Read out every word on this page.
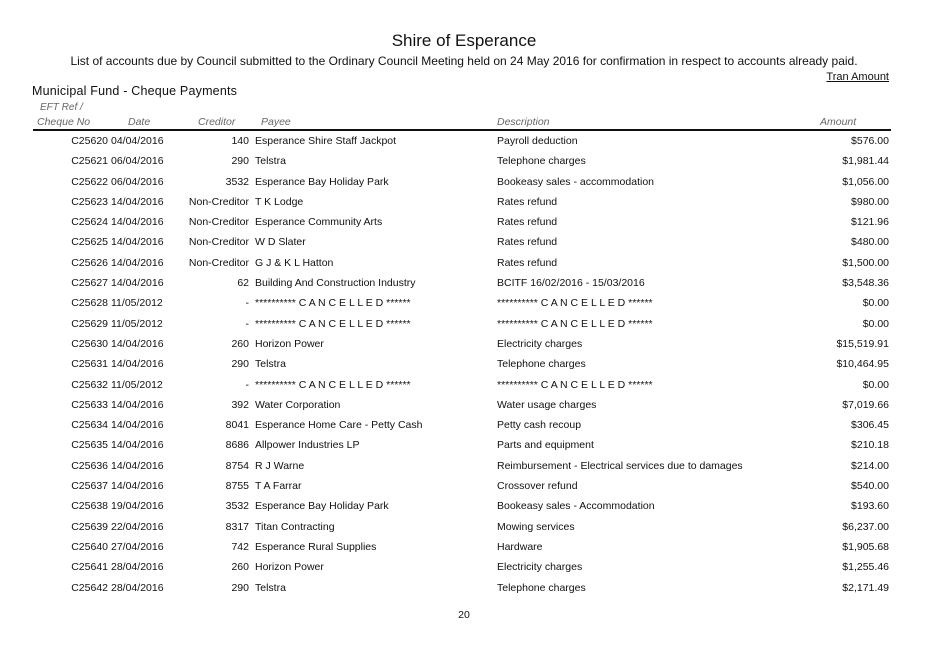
Shire of Esperance
List of accounts due by Council submitted to the Ordinary Council Meeting held on 24 May 2016 for confirmation in respect to accounts already paid.
Tran Amount
Municipal Fund - Cheque Payments
EFT Ref /
Cheque No	Date	Creditor Payee	Description	Amount
C25620 04/04/2016	140 Esperance Shire Staff Jackpot	Payroll deduction	$576.00
C25621 06/04/2016	290 Telstra	Telephone charges	$1,981.44
C25622 06/04/2016	3532 Esperance Bay Holiday Park	Bookeasy sales - accommodation	$1,056.00
C25623 14/04/2016	Non-Creditor T K Lodge	Rates refund	$980.00
C25624 14/04/2016	Non-Creditor Esperance Community Arts	Rates refund	$121.96
C25625 14/04/2016	Non-Creditor W D Slater	Rates refund	$480.00
C25626 14/04/2016	Non-Creditor G J & K L Hatton	Rates refund	$1,500.00
C25627 14/04/2016	62 Building And Construction Industry	BCITF 16/02/2016 - 15/03/2016	$3,548.36
C25628 11/05/2012	- ********** C A N C E L L E D ******	********** C A N C E L L E D ******	$0.00
C25629 11/05/2012	- ********** C A N C E L L E D ******	********** C A N C E L L E D ******	$0.00
C25630 14/04/2016	260 Horizon Power	Electricity charges	$15,519.91
C25631 14/04/2016	290 Telstra	Telephone charges	$10,464.95
C25632 11/05/2012	- ********** C A N C E L L E D ******	********** C A N C E L L E D ******	$0.00
C25633 14/04/2016	392 Water Corporation	Water usage charges	$7,019.66
C25634 14/04/2016	8041 Esperance Home Care - Petty Cash	Petty cash recoup	$306.45
C25635 14/04/2016	8686 Allpower Industries LP	Parts and equipment	$210.18
C25636 14/04/2016	8754 R J Warne	Reimbursement - Electrical services due to damages	$214.00
C25637 14/04/2016	8755 T A Farrar	Crossover refund	$540.00
C25638 19/04/2016	3532 Esperance Bay Holiday Park	Bookeasy sales - Accommodation	$193.60
C25639 22/04/2016	8317 Titan Contracting	Mowing services	$6,237.00
C25640 27/04/2016	742 Esperance Rural Supplies	Hardware	$1,905.68
C25641 28/04/2016	260 Horizon Power	Electricity charges	$1,255.46
C25642 28/04/2016	290 Telstra	Telephone charges	$2,171.49
20
